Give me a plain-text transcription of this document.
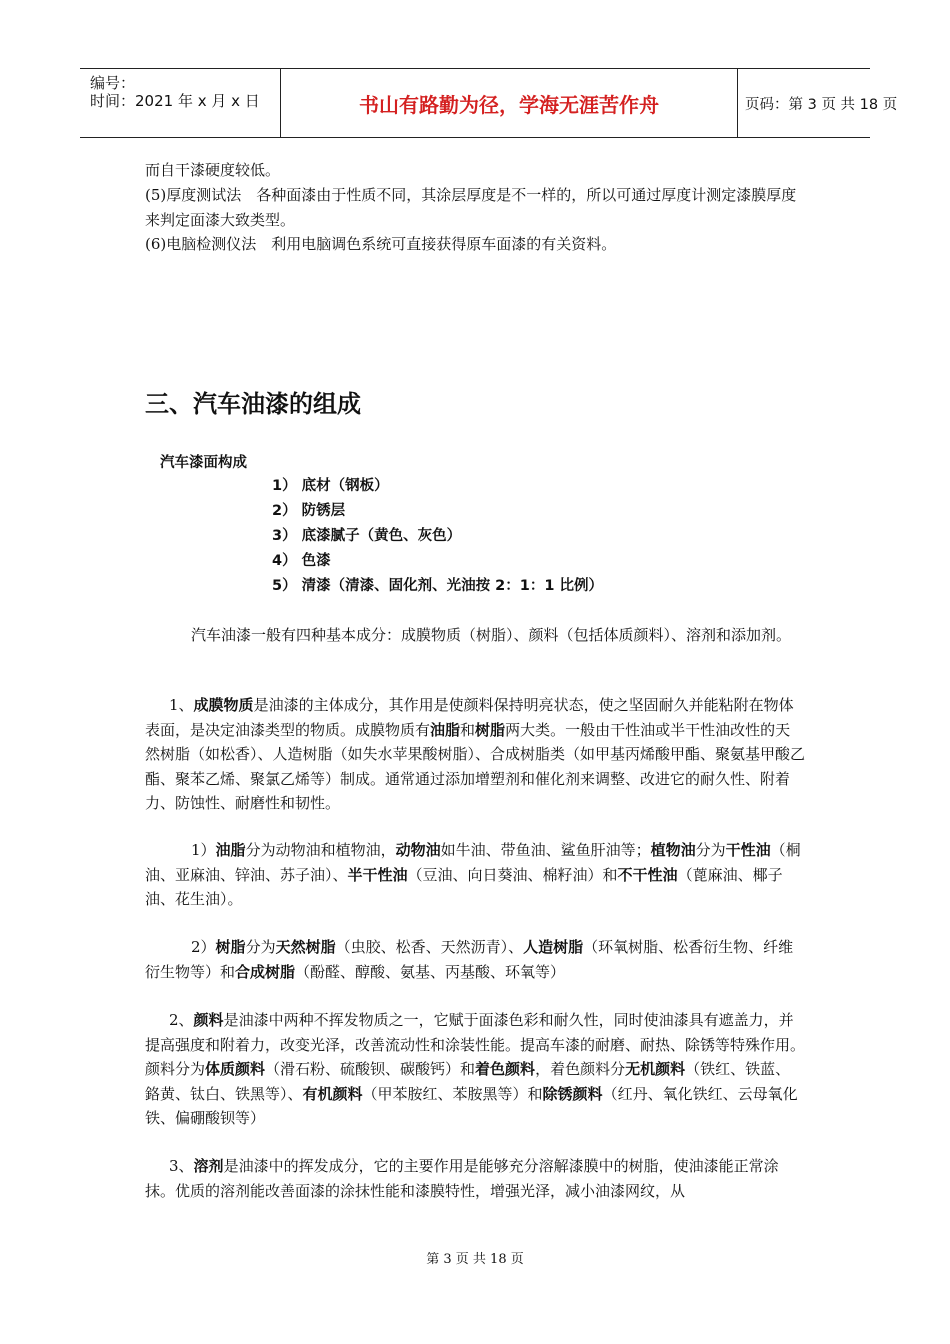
编号：
时间：2021 年 x 月 x 日	书山有路勤为径，学海无涯苦作舟	页码：第 3 页 共 18 页

而自干漆硬度较低。

(5)厚度测试法　各种面漆由于性质不同，其涂层厚度是不一样的，所以可通过厚度计测定漆膜厚度来判定面漆大致类型。

(6)电脑检测仪法　利用电脑调色系统可直接获得原车面漆的有关资料。

三、汽车油漆的组成

汽车漆面构成

1） 底材（钢板）

2） 防锈层

3） 底漆腻子（黄色、灰色）

4） 色漆

5） 清漆（清漆、固化剂、光油按 2：1：1 比例）

汽车油漆一般有四种基本成分：成膜物质（树脂）、颜料（包括体质颜料）、溶剂和添加剂。

1、成膜物质是油漆的主体成分，其作用是使颜料保持明亮状态，使之坚固耐久并能粘附在物体表面，是决定油漆类型的物质。成膜物质有油脂和树脂两大类。一般由干性油或半干性油改性的天然树脂（如松香）、人造树脂（如失水苹果酸树脂）、合成树脂类（如甲基丙烯酸甲酯、聚氨基甲酸乙酯、聚苯乙烯、聚氯乙烯等）制成。通常通过添加增塑剂和催化剂来调整、改进它的耐久性、附着力、防蚀性、耐磨性和韧性。

1）油脂分为动物油和植物油，动物油如牛油、带鱼油、鲨鱼肝油等；植物油分为干性油（桐油、亚麻油、锌油、苏子油）、半干性油（豆油、向日葵油、棉籽油）和不干性油（蓖麻油、椰子油、花生油）。

2）树脂分为天然树脂（虫胶、松香、天然沥青）、人造树脂（环氧树脂、松香衍生物、纤维衍生物等）和合成树脂（酚醛、醇酸、氨基、丙基酸、环氧等）

2、颜料是油漆中两种不挥发物质之一，它赋于面漆色彩和耐久性，同时使油漆具有遮盖力，并提高强度和附着力，改变光泽，改善流动性和涂装性能。提高车漆的耐磨、耐热、除锈等特殊作用。颜料分为体质颜料（滑石粉、硫酸钡、碳酸钙）和着色颜料，着色颜料分无机颜料（铁红、铁蓝、鉻黄、钛白、铁黑等）、有机颜料（甲苯胺红、苯胺黑等）和除锈颜料（红丹、氧化铁红、云母氧化铁、偏硼酸钡等）

3、溶剂是油漆中的挥发成分，它的主要作用是能够充分溶解漆膜中的树脂，使油漆能正常涂抹。优质的溶剂能改善面漆的涂抹性能和漆膜特性，增强光泽，减小油漆网纹，从

第 3 页 共 18 页
